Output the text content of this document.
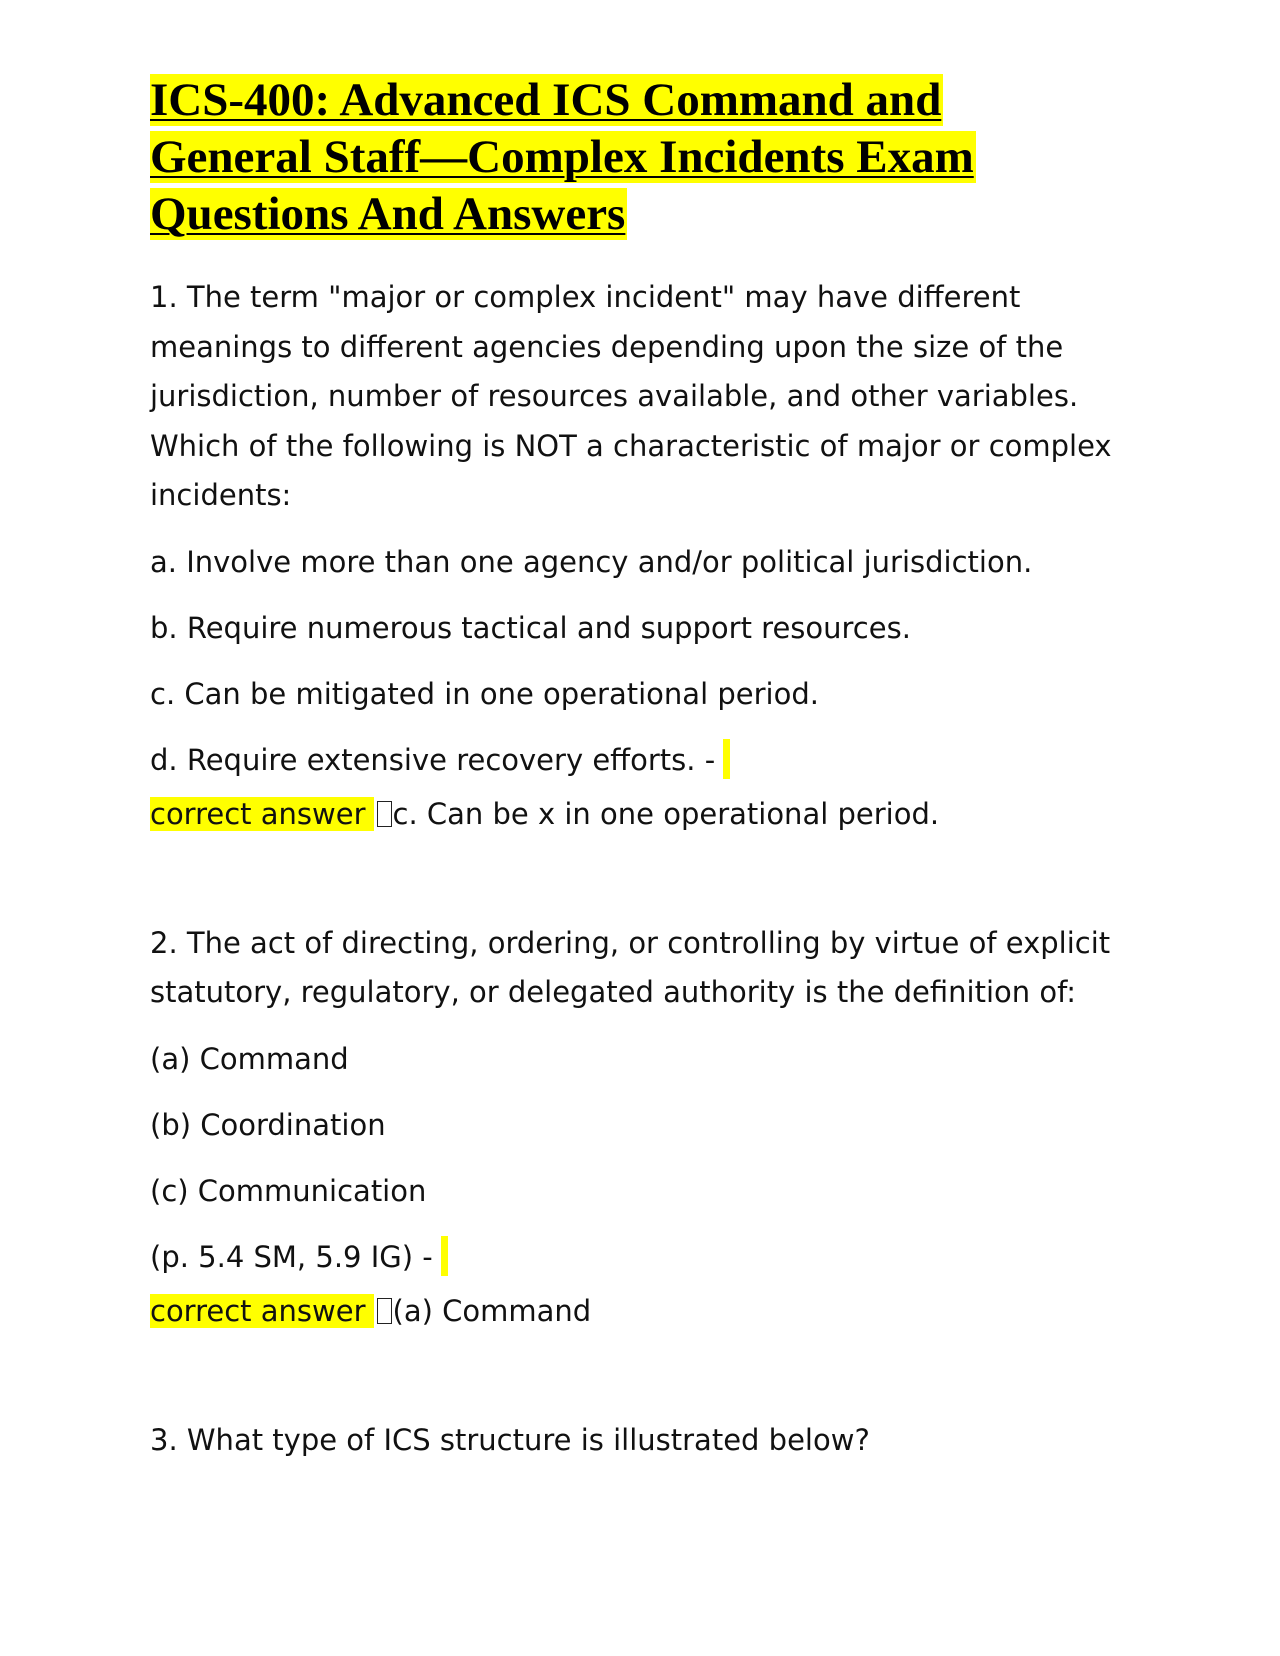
ICS-400: Advanced ICS Command and
General Staff—Complex Incidents Exam
Questions And Answers

1. The term "major or complex incident" may have different meanings to different agencies depending upon the size of the jurisdiction, number of resources available, and other variables. Which of the following is NOT a characteristic of major or complex incidents:

a. Involve more than one agency and/or political jurisdiction.

b. Require numerous tactical and support resources.

c. Can be mitigated in one operational period.

d. Require extensive recovery efforts. -

correct answer c. Can be x in one operational period.

2. The act of directing, ordering, or controlling by virtue of explicit statutory, regulatory, or delegated authority is the definition of:

(a) Command

(b) Coordination

(c) Communication

(p. 5.4 SM, 5.9 IG) -

correct answer (a) Command

3. What type of ICS structure is illustrated below?
